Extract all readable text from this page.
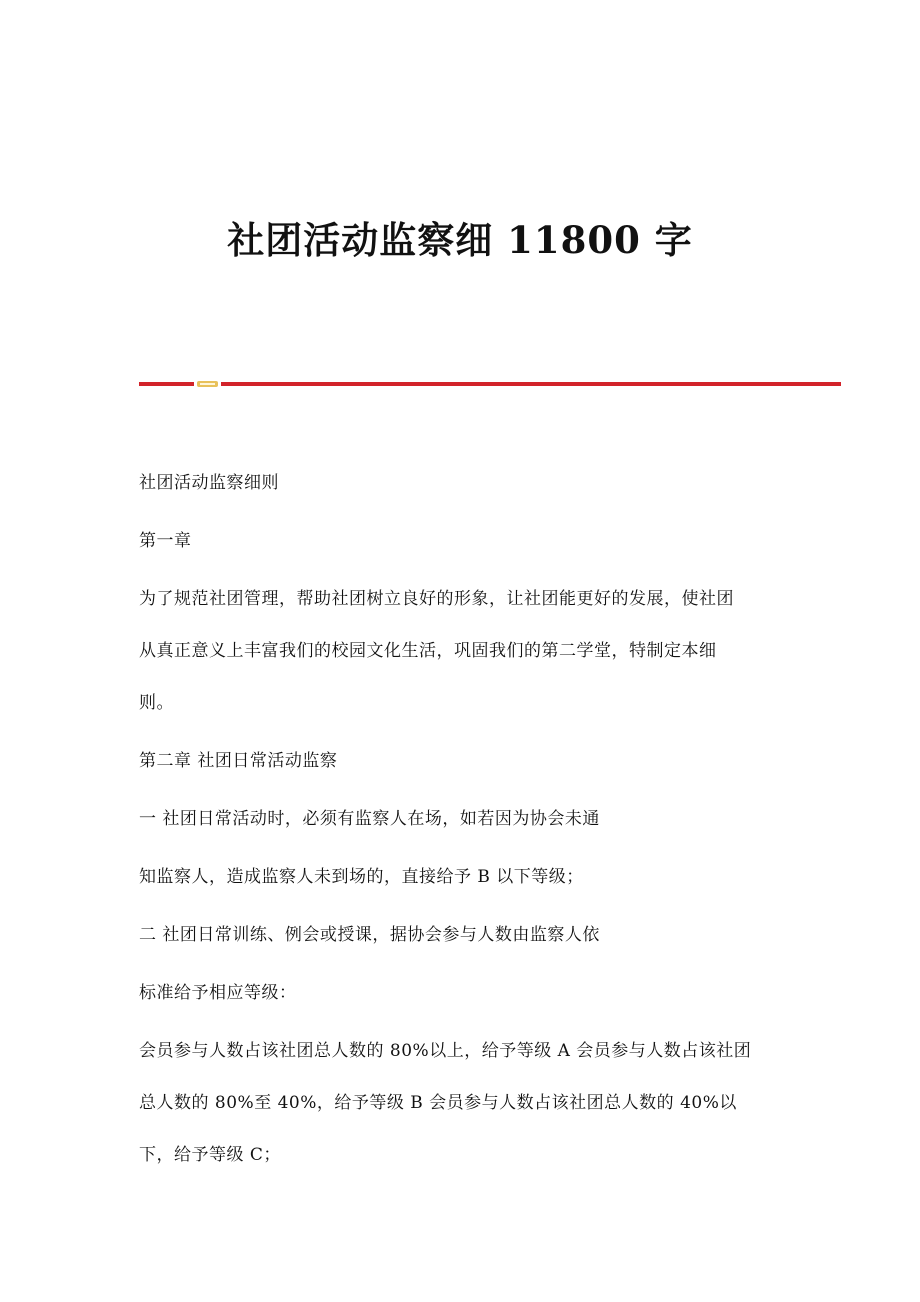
社团活动监察细 11800 字

社团活动监察细则

第一章

为了规范社团管理，帮助社团树立良好的形象，让社团能更好的发展，使社团

从真正意义上丰富我们的校园文化生活，巩固我们的第二学堂，特制定本细

则。

第二章 社团日常活动监察

一 社团日常活动时，必须有监察人在场，如若因为协会未通

知监察人，造成监察人未到场的，直接给予 B 以下等级；

二 社团日常训练、例会或授课，据协会参与人数由监察人依

标准给予相应等级：

会员参与人数占该社团总人数的 80%以上，给予等级 A 会员参与人数占该社团

总人数的 80%至 40%，给予等级 B 会员参与人数占该社团总人数的 40%以

下，给予等级 C；
